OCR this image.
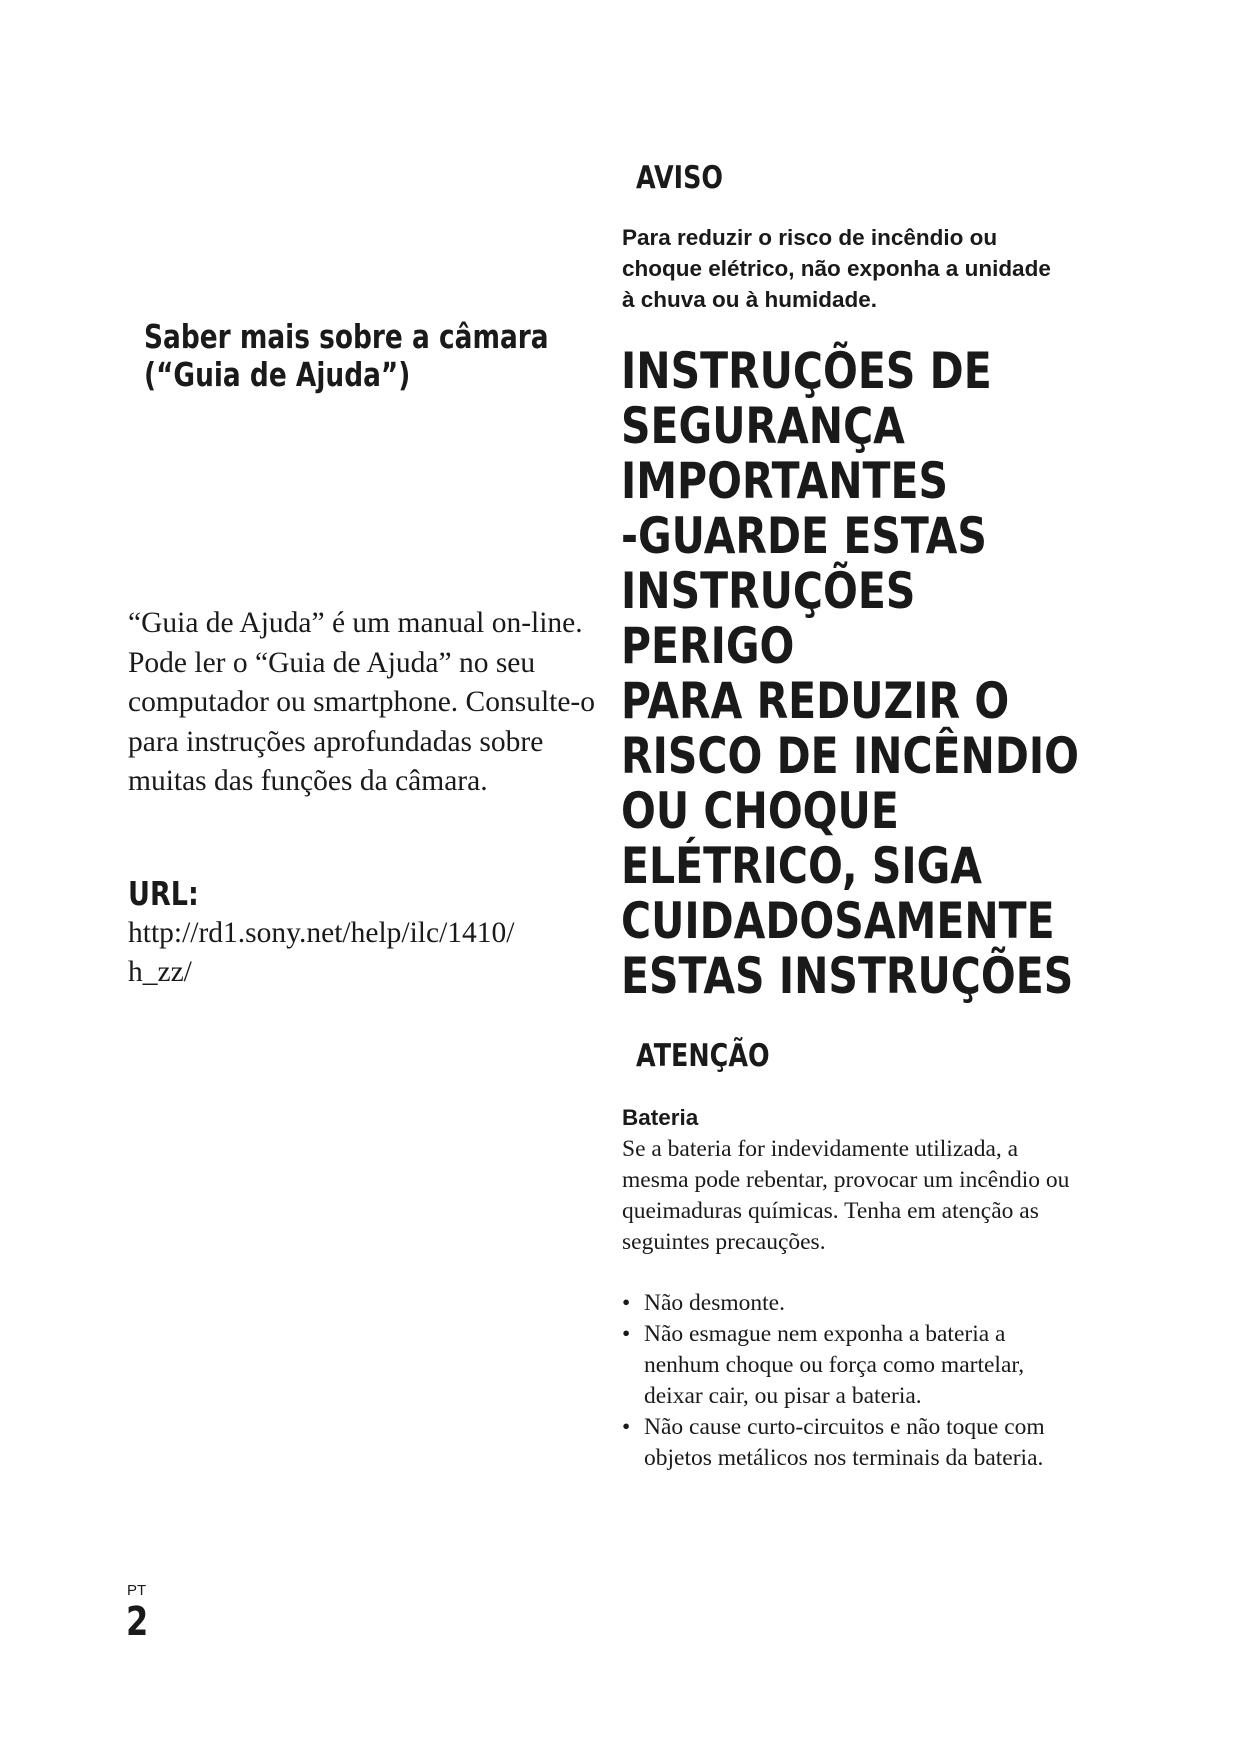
Saber mais sobre a câmara
(“Guia de Ajuda”)

“Guia de Ajuda” é um manual on-line. Pode ler o “Guia de Ajuda” no seu computador ou smartphone. Consulte-o para instruções aprofundadas sobre muitas das funções da câmara.

URL:

http://rd1.sony.net/help/ilc/1410/
h_zz/

AVISO

Para reduzir o risco de incêndio ou choque elétrico, não exponha a unidade à chuva ou à humidade.

INSTRUÇÕES DE
SEGURANÇA
IMPORTANTES
-GUARDE ESTAS
INSTRUÇÕES
PERIGO
PARA REDUZIR O
RISCO DE INCÊNDIO
OU CHOQUE
ELÉTRICO, SIGA
CUIDADOSAMENTE
ESTAS INSTRUÇÕES
ATENÇÃO
Bateria

Se a bateria for indevidamente utilizada, a mesma pode rebentar, provocar um incêndio ou queimaduras químicas. Tenha em atenção as seguintes precauções.

• Não desmonte.
• Não esmague nem exponha a bateria a nenhum choque ou força como martelar, deixar cair, ou pisar a bateria.
• Não cause curto-circuitos e não toque com objetos metálicos nos terminais da bateria.
PT
2
